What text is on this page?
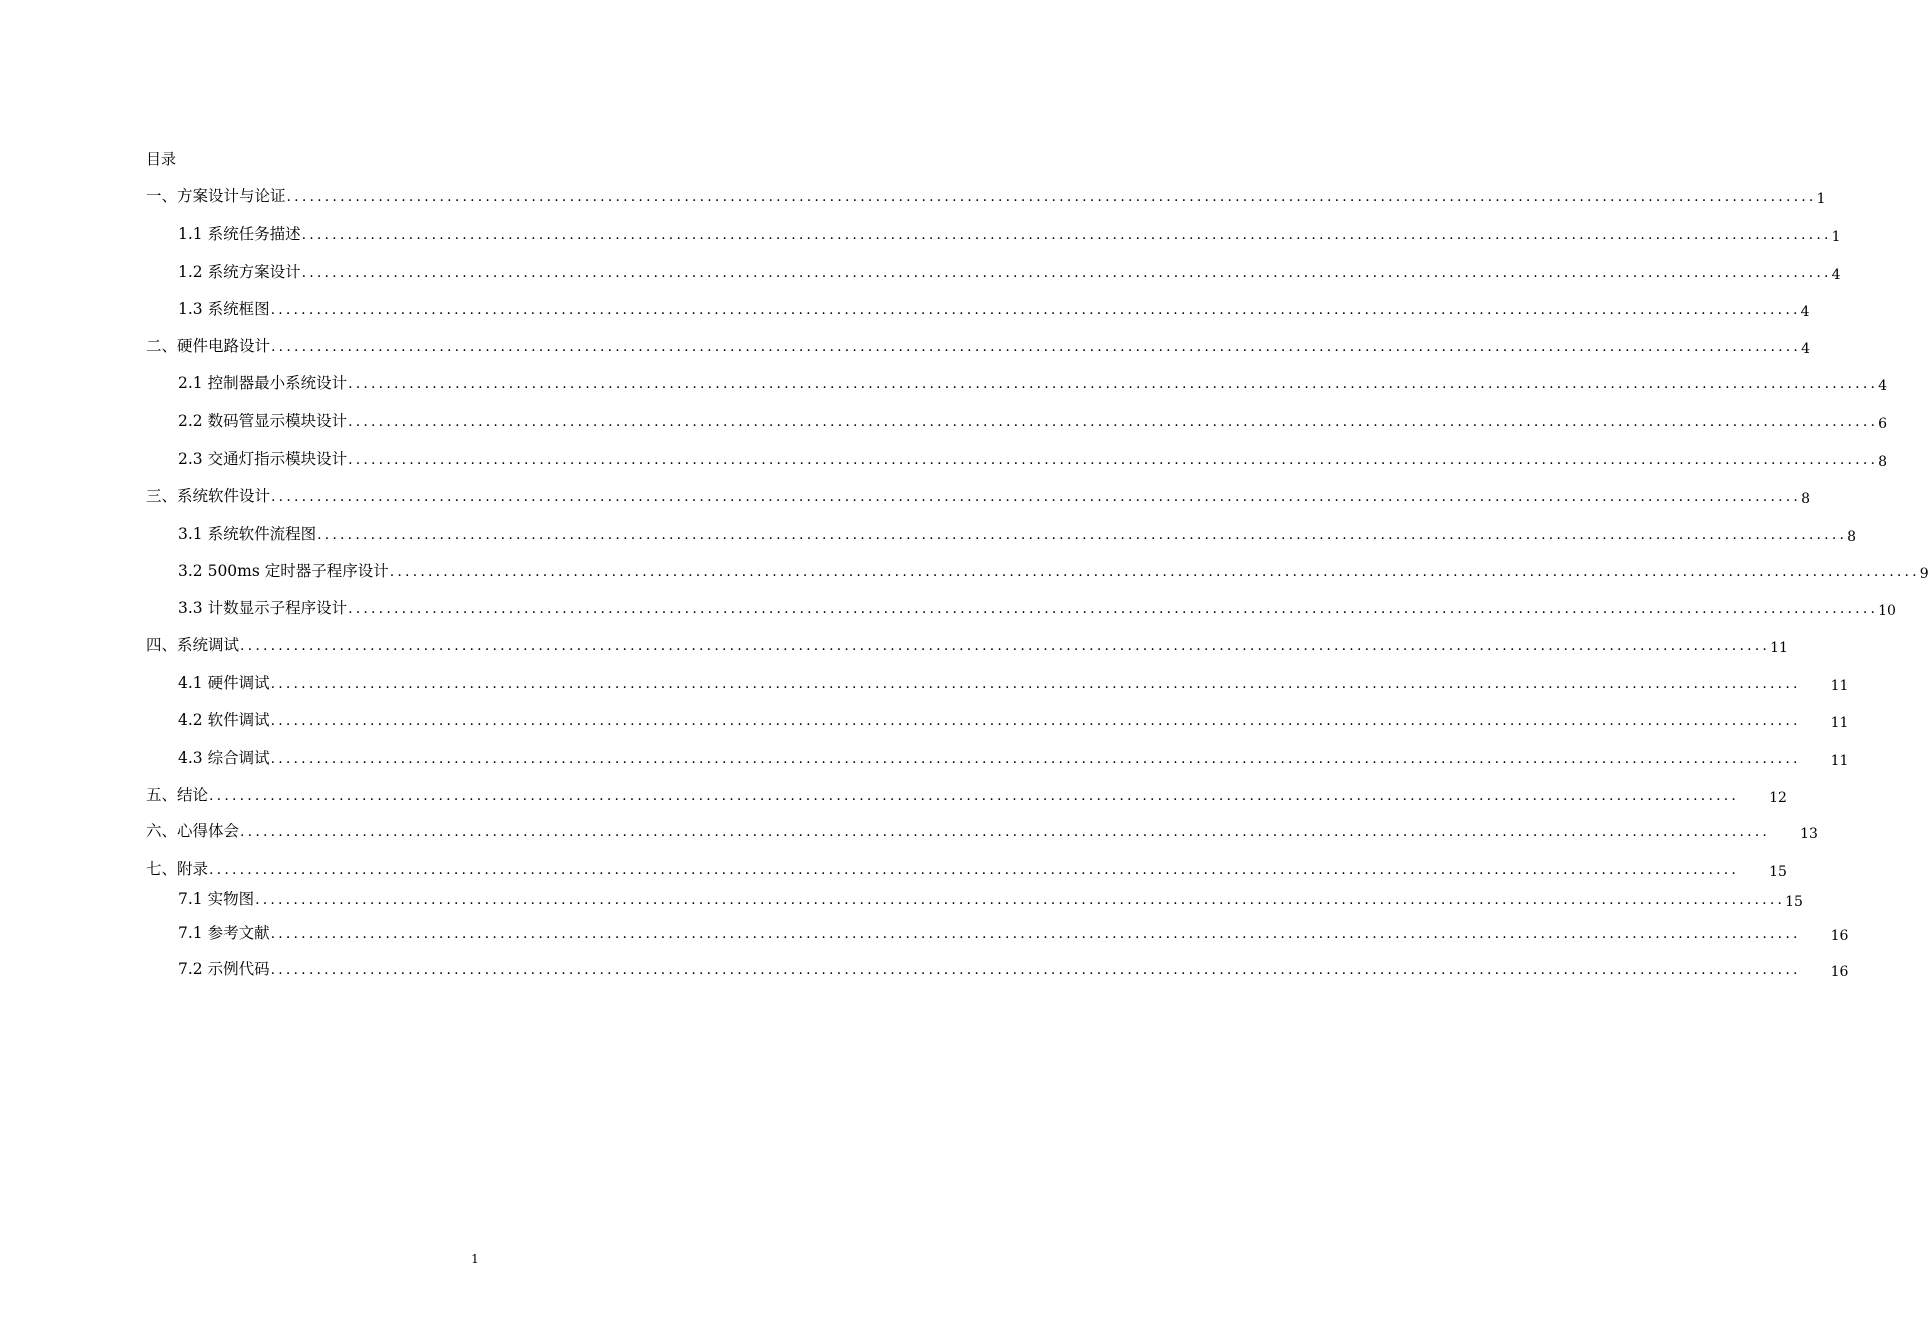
目录
一、方案设计与论证 ........................................................................................................................................................................................................ 1
1.1 系统任务描述 ........................................................................................................................................................................................................ 1
1.2 系统方案设计 ........................................................................................................................................................................................................ 4
1.3 系统框图 ........................................................................................................................................................................................................ 4
二、硬件电路设计 ........................................................................................................................................................................................................ 4
2.1 控制器最小系统设计 ........................................................................................................................................................................................................ 4
2.2 数码管显示模块设计 ........................................................................................................................................................................................................ 6
2.3 交通灯指示模块设计 ........................................................................................................................................................................................................ 8
三、系统软件设计 ........................................................................................................................................................................................................ 8
3.1 系统软件流程图 ........................................................................................................................................................................................................ 8
3.2 500ms 定时器子程序设计 ........................................................................................................................................................................................................ 9
3.3 计数显示子程序设计 ........................................................................................................................................................................................................ 10
四、系统调试 ........................................................................................................................................................................................................ 11
4.1 硬件调试 ........................................................................................................................................................................................................	11
4.2 软件调试 ........................................................................................................................................................................................................	11
4.3 综合调试 ........................................................................................................................................................................................................	11
五、结论 ........................................................................................................................................................................................................	12
六、心得体会 ........................................................................................................................................................................................................	13
七、附录 ........................................................................................................................................................................................................	15
7.1 实物图 ........................................................................................................................................................................................................ 15
7.1 参考文献 ........................................................................................................................................................................................................	16
7.2 示例代码 ........................................................................................................................................................................................................	16
1
